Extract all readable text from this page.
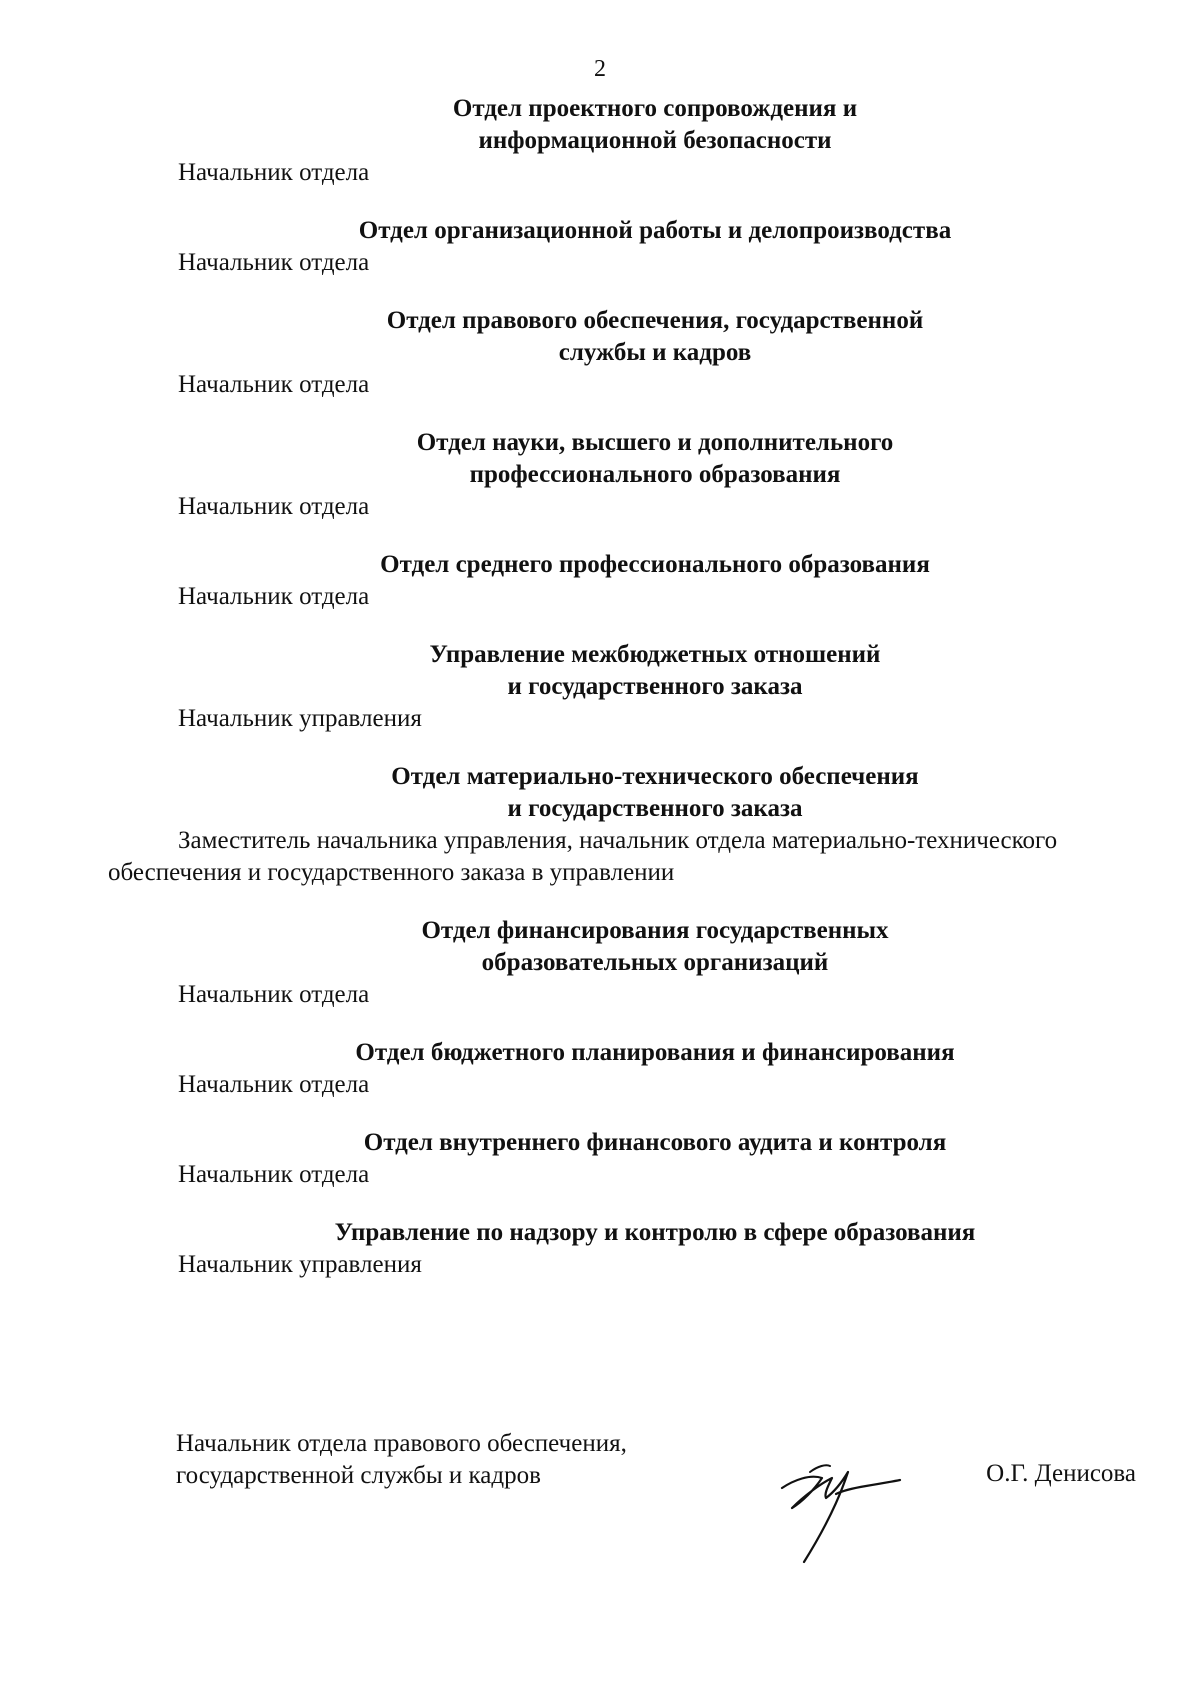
2
Отдел проектного сопровождения и
информационной безопасности
Начальник отдела
Отдел организационной работы и делопроизводства
Начальник отдела
Отдел правового обеспечения, государственной
службы и кадров
Начальник отдела
Отдел науки, высшего и дополнительного
профессионального образования
Начальник отдела
Отдел среднего профессионального образования
Начальник отдела
Управление межбюджетных отношений
и государственного заказа
Начальник управления
Отдел материально-технического обеспечения
и государственного заказа
Заместитель начальника управления, начальник отдела материально-технического обеспечения и государственного заказа в управлении
Отдел финансирования государственных
образовательных организаций
Начальник отдела
Отдел бюджетного планирования и финансирования
Начальник отдела
Отдел внутреннего финансового аудита и контроля
Начальник отдела
Управление по надзору и контролю в сфере образования
Начальник управления
Начальник отдела правового обеспечения,
государственной службы и кадров	О.Г. Денисова
